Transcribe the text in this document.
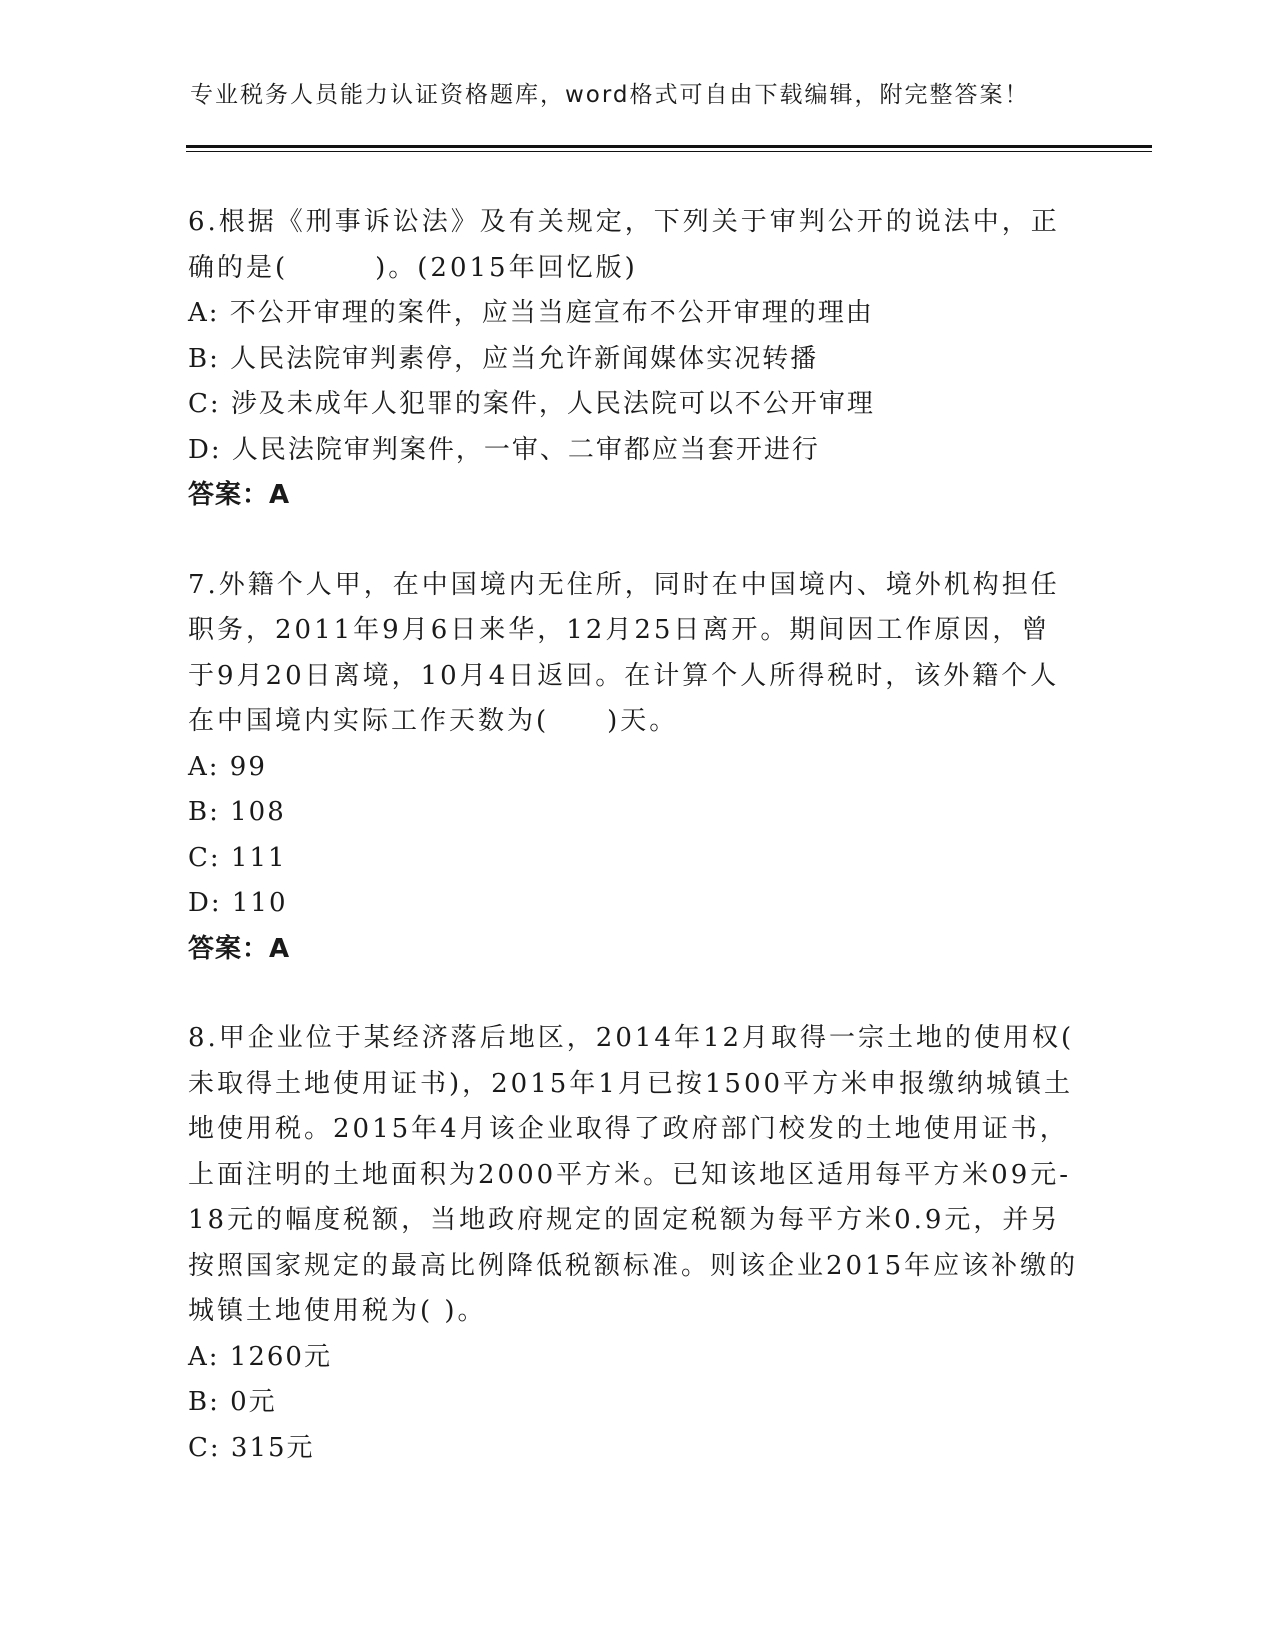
专业税务人员能力认证资格题库，word格式可自由下载编辑，附完整答案！

6.根据《刑事诉讼法》及有关规定，下列关于审判公开的说法中，正

确的是(　　　)。(2015年回忆版)

A: 不公开审理的案件，应当当庭宣布不公开审理的理由

B: 人民法院审判素停，应当允许新闻媒体实况转播

C: 涉及未成年人犯罪的案件，人民法院可以不公开审理

D: 人民法院审判案件，一审、二审都应当套开进行

答案：A

7.外籍个人甲，在中国境内无住所，同时在中国境内、境外机构担任

职务，2011年9月6日来华，12月25日离开。期间因工作原因，曾

于9月20日离境，10月4日返回。在计算个人所得税时，该外籍个人

在中国境内实际工作天数为(　　)天。

A: 99

B: 108

C: 111

D: 110

答案：A

8.甲企业位于某经济落后地区，2014年12月取得一宗土地的使用权(

未取得土地使用证书)，2015年1月已按1500平方米申报缴纳城镇土

地使用税。2015年4月该企业取得了政府部门校发的土地使用证书，

上面注明的土地面积为2000平方米。已知该地区适用每平方米09元-

18元的幅度税额，当地政府规定的固定税额为每平方米0.9元，并另

按照国家规定的最高比例降低税额标准。则该企业2015年应该补缴的

城镇土地使用税为( )。

A: 1260元

B: 0元

C: 315元
